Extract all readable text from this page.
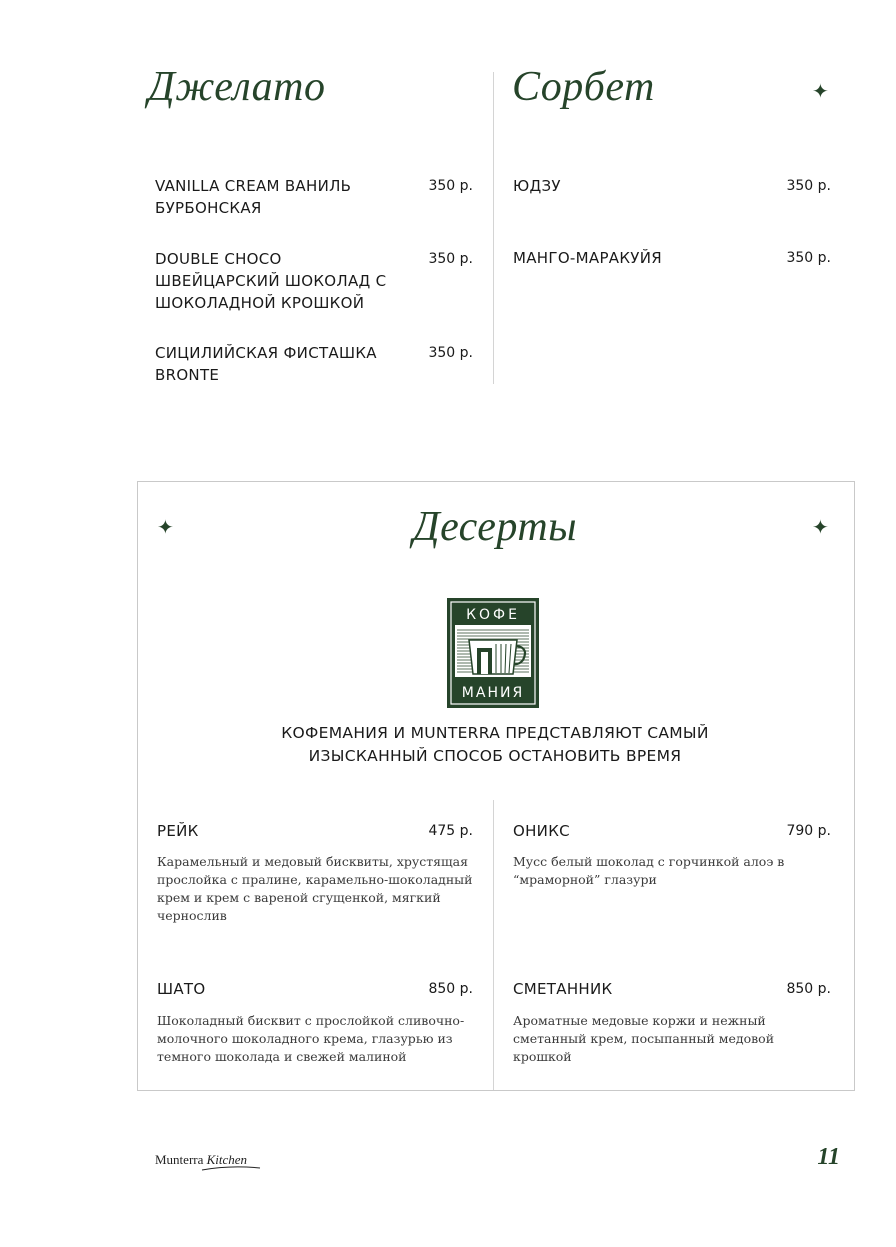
Джелато	Сорбет	✦
VANILLA CREAM ВАНИЛЬ БУРБОНСКАЯ
350 р.
DOUBLE CHOCO ШВЕЙЦАРСКИЙ ШОКОЛАД С ШОКОЛАДНОЙ КРОШКОЙ
350 р.
СИЦИЛИЙСКАЯ ФИСТАШКА BRONTE
350 р.
ЮДЗУ	350 р.
МАНГО-МАРАКУЙЯ	350 р.
✦	✦
Десерты
КОФЕ
МАНИЯ
КОФЕМАНИЯ И MUNTERRA ПРЕДСТАВЛЯЮТ САМЫЙ
ИЗЫСКАННЫЙ СПОСОБ ОСТАНОВИТЬ ВРЕМЯ
РЕЙК	475 р.
Карамельный и медовый бисквиты, хрустящая прослойка с пралине, карамельно-шоколадный крем и крем с вареной сгущенкой, мягкий чернослив
ОНИКС	790 р.
Мусс белый шоколад с горчинкой алоэ в “мраморной” глазури
ШАТО	850 р.
Шоколадный бисквит с прослойкой сливочно-молочного шоколадного крема, глазурью из темного шоколада и свежей малиной
СМЕТАННИК	850 р.
Ароматные медовые коржи и нежный сметанный крем, посыпанный медовой крошкой
Munterra Kitchen	11
